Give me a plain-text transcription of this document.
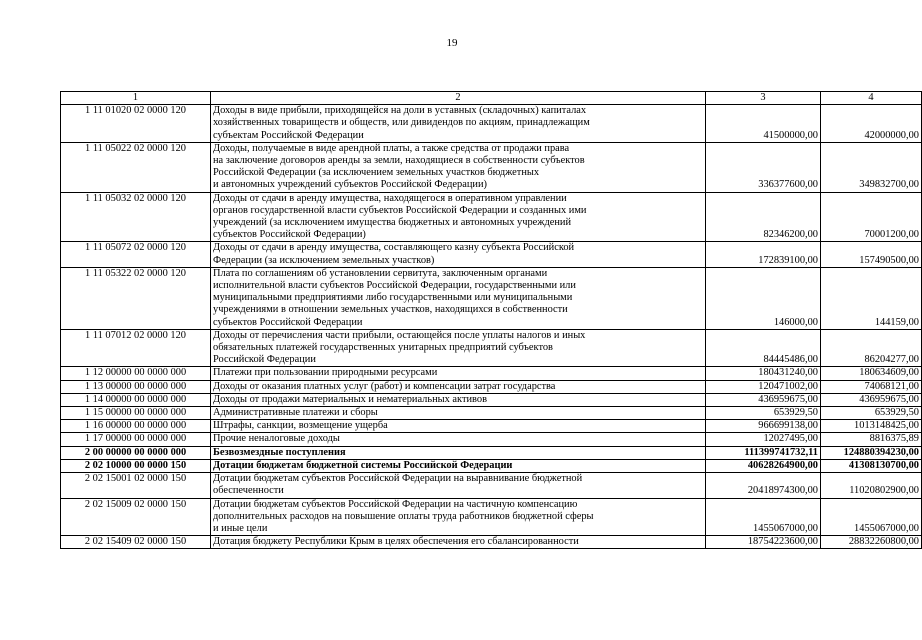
19
1	2	3	4
1 11 01020 02 0000 120	Доходы в виде прибыли, приходящейся на доли в уставных (складочных) капиталах
хозяйственных товариществ и обществ, или дивидендов по акциям, принадлежащим
субъектам Российской Федерации	41500000,00	42000000,00
1 11 05022 02 0000 120	Доходы, получаемые в виде арендной платы, а также средства от продажи права
на заключение договоров аренды за земли, находящиеся в собственности субъектов
Российской Федерации (за исключением земельных участков бюджетных
и автономных учреждений субъектов Российской Федерации)	336377600,00	349832700,00
1 11 05032 02 0000 120	Доходы от сдачи в аренду имущества, находящегося в оперативном управлении
органов государственной власти субъектов Российской Федерации и созданных ими
учреждений (за исключением имущества бюджетных и автономных учреждений
субъектов Российской Федерации)	82346200,00	70001200,00
1 11 05072 02 0000 120	Доходы от сдачи в аренду имущества, составляющего казну субъекта Российской
Федерации (за исключением земельных участков)	172839100,00	157490500,00
1 11 05322 02 0000 120	Плата по соглашениям об установлении сервитута, заключенным органами
исполнительной власти субъектов Российской Федерации, государственными или
муниципальными предприятиями либо государственными или муниципальными
учреждениями в отношении земельных участков, находящихся в собственности
субъектов Российской Федерации	146000,00	144159,00
1 11 07012 02 0000 120	Доходы от перечисления части прибыли, остающейся после уплаты налогов и иных
обязательных платежей государственных унитарных предприятий субъектов
Российской Федерации	84445486,00	86204277,00
1 12 00000 00 0000 000	Платежи при пользовании природными ресурсами	180431240,00	180634609,00
1 13 00000 00 0000 000	Доходы от оказания платных услуг (работ) и компенсации затрат государства	120471002,00	74068121,00
1 14 00000 00 0000 000	Доходы от продажи материальных и нематериальных активов	436959675,00	436959675,00
1 15 00000 00 0000 000	Административные платежи и сборы	653929,50	653929,50
1 16 00000 00 0000 000	Штрафы, санкции, возмещение ущерба	966699138,00	1013148425,00
1 17 00000 00 0000 000	Прочие неналоговые доходы	12027495,00	8816375,89
2 00 00000 00 0000 000	Безвозмездные поступления	111399741732,11	124880394230,00
2 02 10000 00 0000 150	Дотации бюджетам бюджетной системы Российской Федерации	40628264900,00	41308130700,00
2 02 15001 02 0000 150	Дотации бюджетам субъектов Российской Федерации на выравнивание бюджетной
обеспеченности	20418974300,00	11020802900,00
2 02 15009 02 0000 150	Дотации бюджетам субъектов Российской Федерации на частичную компенсацию
дополнительных расходов на повышение оплаты труда работников бюджетной сферы
и иные цели	1455067000,00	1455067000,00
2 02 15409 02 0000 150	Дотация бюджету Республики Крым в целях обеспечения его сбалансированности	18754223600,00	28832260800,00
